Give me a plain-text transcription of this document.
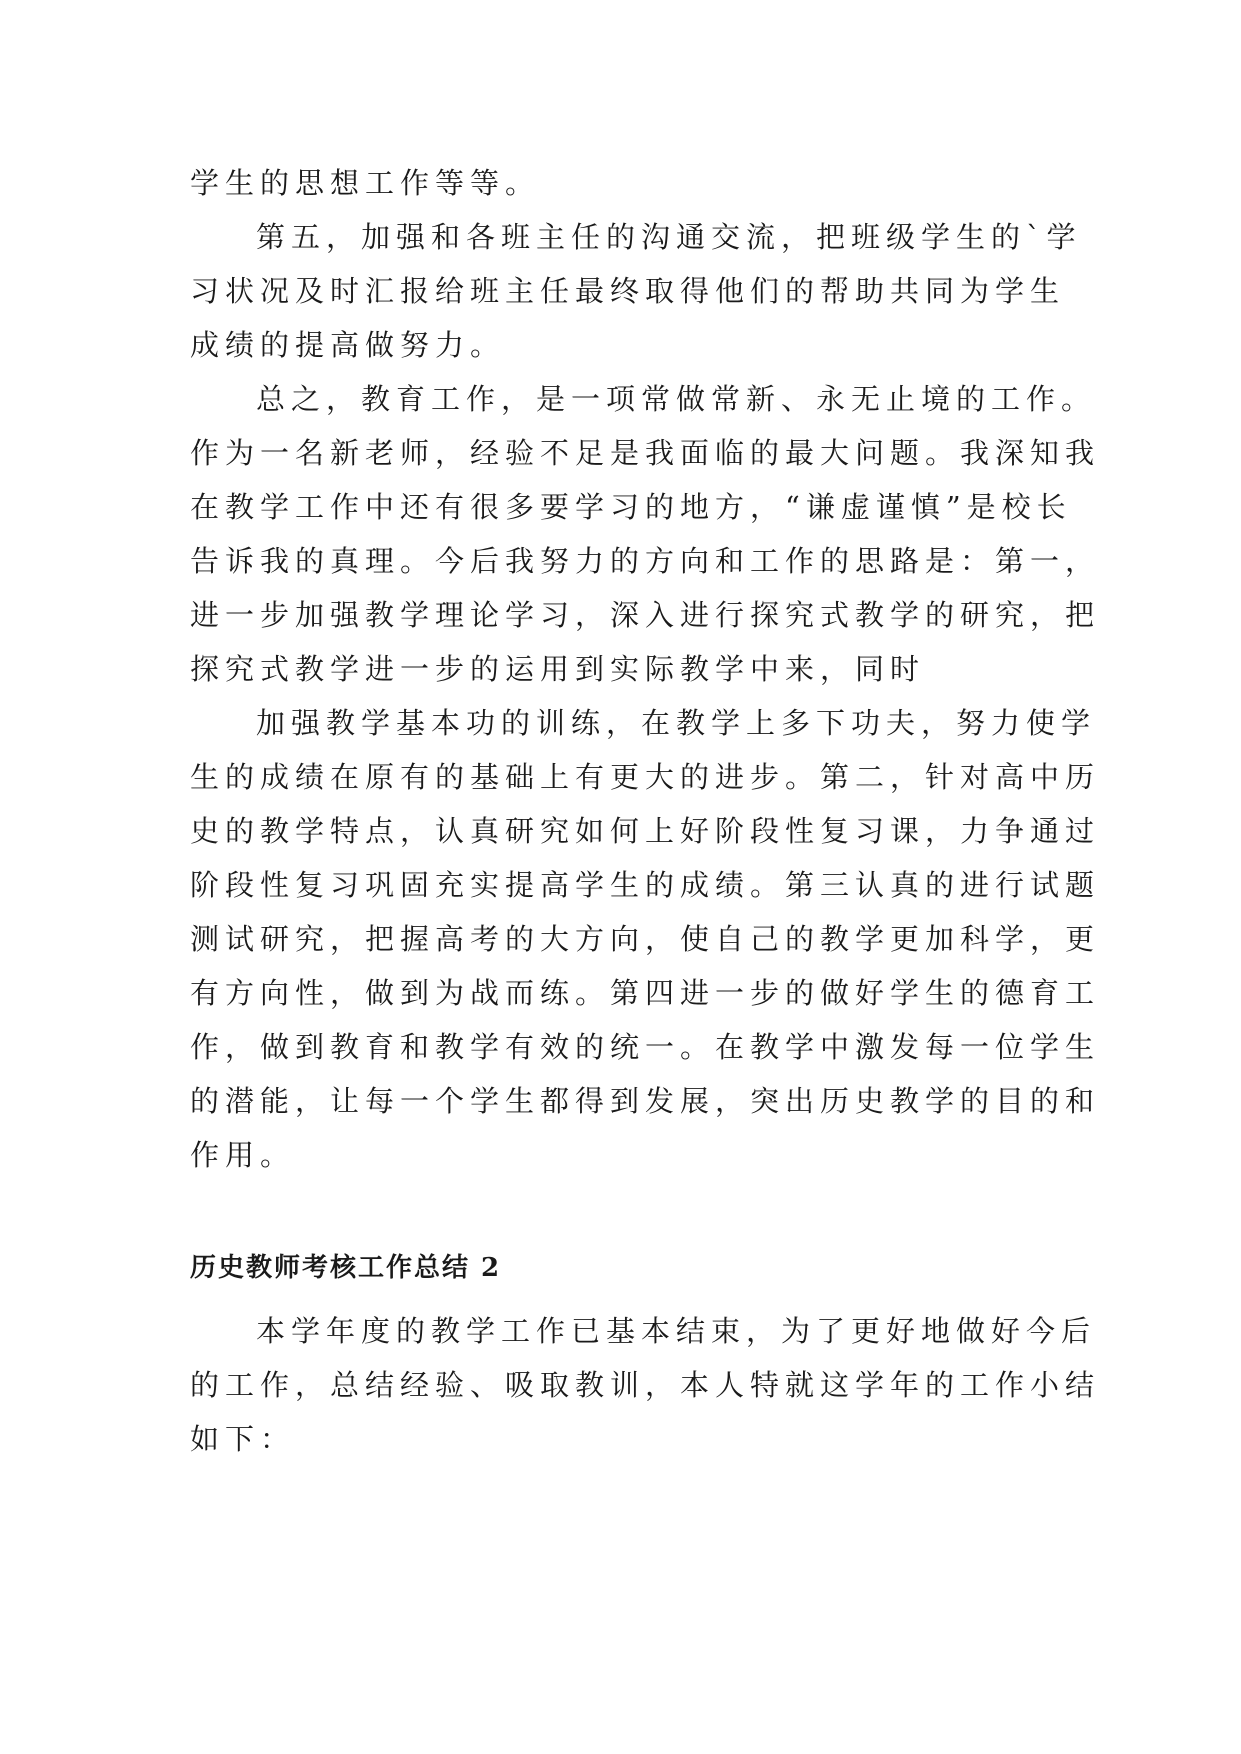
学生的思想工作等等。

第五，加强和各班主任的沟通交流，把班级学生的`学

习状况及时汇报给班主任最终取得他们的帮助共同为学生

成绩的提高做努力。

总之，教育工作，是一项常做常新、永无止境的工作。

作为一名新老师，经验不足是我面临的最大问题。我深知我

在教学工作中还有很多要学习的地方，“谦虚谨慎”是校长

告诉我的真理。今后我努力的方向和工作的思路是：第一，

进一步加强教学理论学习，深入进行探究式教学的研究，把

探究式教学进一步的运用到实际教学中来，同时

加强教学基本功的训练，在教学上多下功夫，努力使学

生的成绩在原有的基础上有更大的进步。第二，针对高中历

史的教学特点，认真研究如何上好阶段性复习课，力争通过

阶段性复习巩固充实提高学生的成绩。第三认真的进行试题

测试研究，把握高考的大方向，使自己的教学更加科学，更

有方向性，做到为战而练。第四进一步的做好学生的德育工

作，做到教育和教学有效的统一。在教学中激发每一位学生

的潜能，让每一个学生都得到发展，突出历史教学的目的和

作用。

历史教师考核工作总结 2

本学年度的教学工作已基本结束，为了更好地做好今后

的工作，总结经验、吸取教训，本人特就这学年的工作小结

如下：
